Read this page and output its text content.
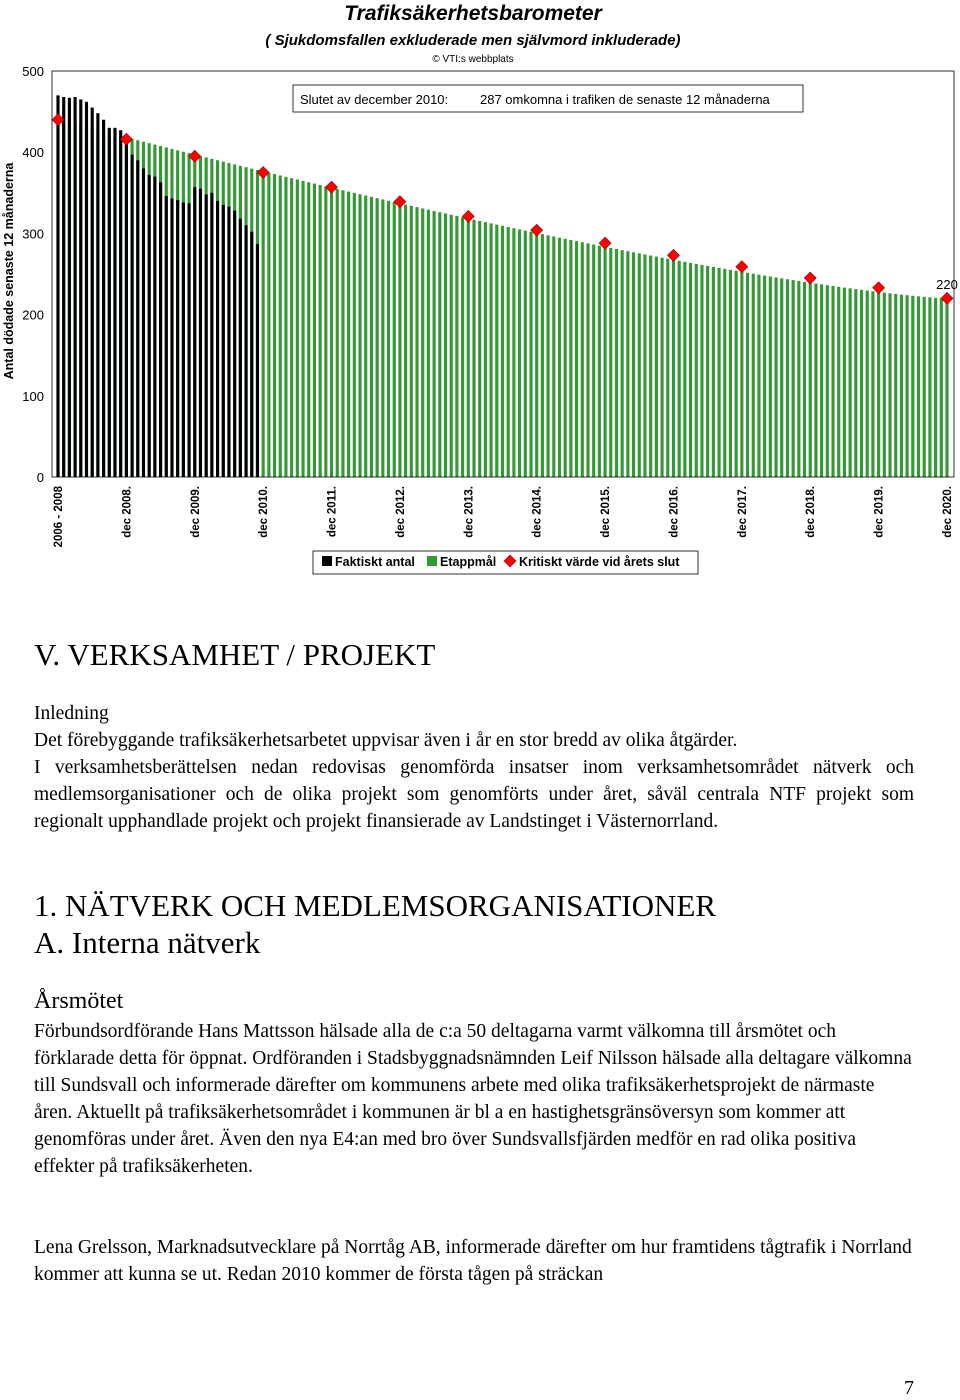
Trafiksäkerhetsbarometer
( Sjukdomsfallen exkluderade men självmord inkluderade)
© VTI:s webbplats
Slutet av december 2010: 287 omkomna i trafiken de senaste 12 månaderna
Antal dödade senaste 12 månaderna
0
100
200
300
400
500
2006 - 2008	dec 2008.	dec 2009.	dec 2010.	dec 2011.	dec 2012.	dec 2013.	dec 2014.	dec 2015.	dec 2016.	dec 2017.	dec 2018.	dec 2019.	dec 2020.
220
Faktiskt antal Etappmål Kritiskt värde vid årets slut
V. VERKSAMHET / PROJEKT
Inledning
Det förebyggande trafiksäkerhetsarbetet uppvisar även i år en stor bredd av olika åtgärder.

I verksamhetsberättelsen nedan redovisas genomförda insatser inom verksamhetsområdet nätverk och medlemsorganisationer och de olika projekt som genomförts under året, såväl centrala NTF projekt som regionalt upphandlade projekt och projekt finansierade av Landstinget i Västernorrland.

1. NÄTVERK OCH MEDLEMSORGANISATIONER
A. Interna nätverk
Årsmötet

Förbundsordförande Hans Mattsson hälsade alla de c:a 50 deltagarna varmt välkomna till årsmötet och förklarade detta för öppnat. Ordföranden i Stadsbyggnadsnämnden Leif Nilsson hälsade alla deltagare välkomna till Sundsvall och informerade därefter om kommunens arbete med olika trafiksäkerhetsprojekt de närmaste åren. Aktuellt på trafiksäkerhetsområdet i kommunen är bl a en hastighetsgränsöversyn som kommer att genomföras under året. Även den nya E4:an med bro över Sundsvallsfjärden medför en rad olika positiva effekter på trafiksäkerheten.

Lena Grelsson, Marknadsutvecklare på Norrtåg AB, informerade därefter om hur framtidens tågtrafik i Norrland kommer att kunna se ut. Redan 2010 kommer de första tågen på sträckan

7
